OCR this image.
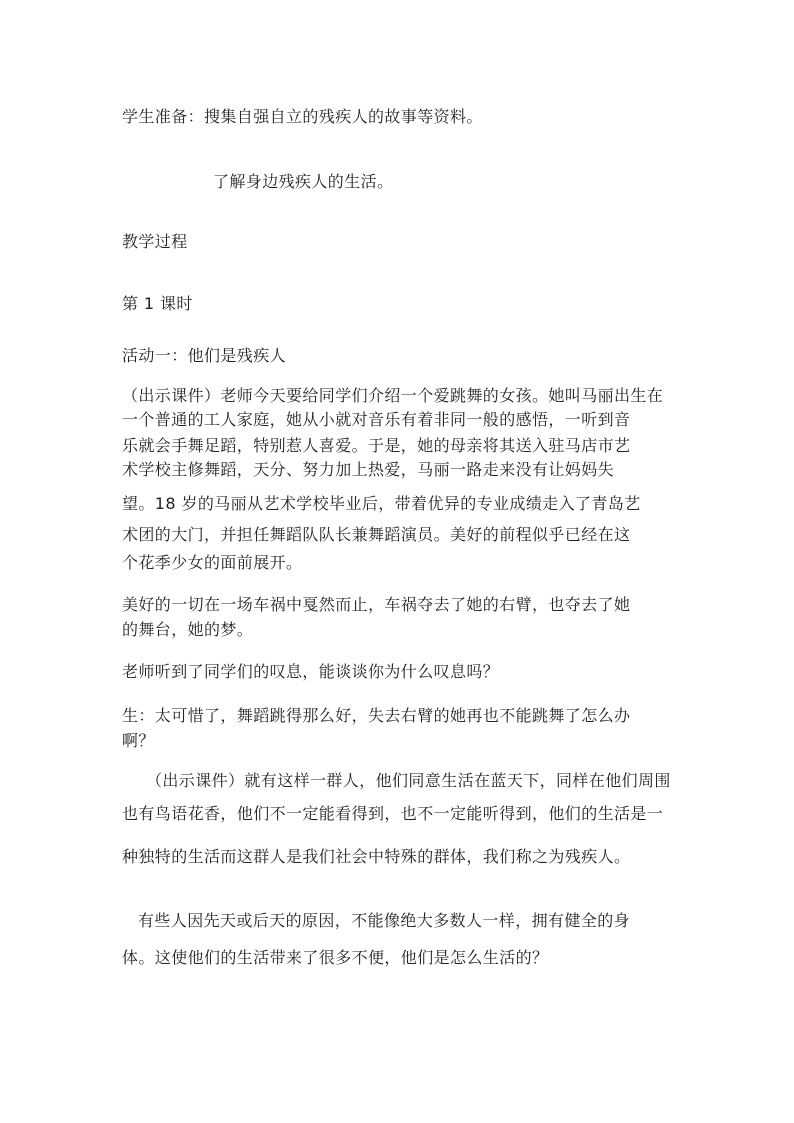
学生准备：搜集自强自立的残疾人的故事等资料。
了解身边残疾人的生活。
教学过程
第 1 课时
活动一：他们是残疾人
（出示课件）老师今天要给同学们介绍一个爱跳舞的女孩。她叫马丽出生在
一个普通的工人家庭，她从小就对音乐有着非同一般的感悟，一听到音
乐就会手舞足蹈，特别惹人喜爱。于是，她的母亲将其送入驻马店市艺
术学校主修舞蹈，天分、努力加上热爱，马丽一路走来没有让妈妈失
望。18 岁的马丽从艺术学校毕业后，带着优异的专业成绩走入了青岛艺
术团的大门，并担任舞蹈队队长兼舞蹈演员。美好的前程似乎已经在这
个花季少女的面前展开。
美好的一切在一场车祸中戛然而止，车祸夺去了她的右臂，也夺去了她
的舞台，她的梦。
老师听到了同学们的叹息，能谈谈你为什么叹息吗？
生：太可惜了，舞蹈跳得那么好，失去右臂的她再也不能跳舞了怎么办
啊？
（出示课件）就有这样一群人，他们同意生活在蓝天下，同样在他们周围
也有鸟语花香，他们不一定能看得到，也不一定能听得到，他们的生活是一
种独特的生活而这群人是我们社会中特殊的群体，我们称之为残疾人。
有些人因先天或后天的原因，不能像绝大多数人一样，拥有健全的身
体。这使他们的生活带来了很多不便，他们是怎么生活的？
